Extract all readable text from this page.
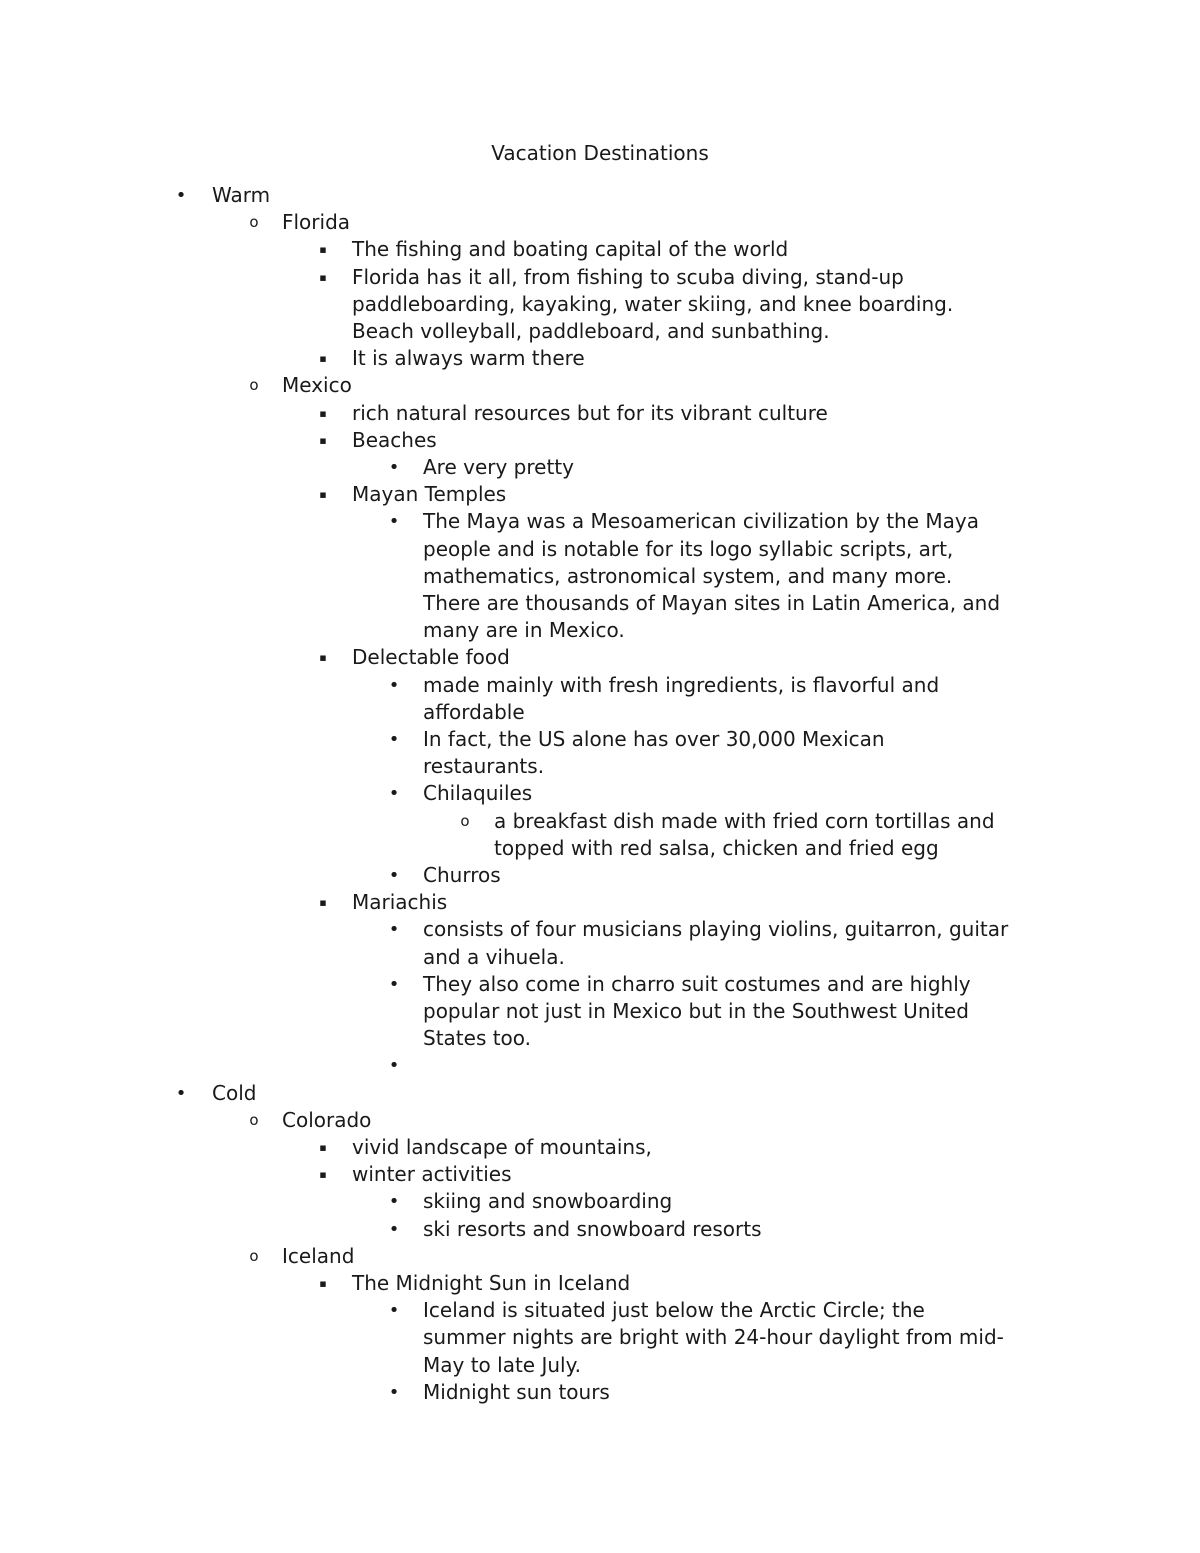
Vacation Destinations
• Warm
o Florida
▪	The fishing and boating capital of the world
▪	Florida has it all, from fishing to scuba diving, stand-up
paddleboarding, kayaking, water skiing, and knee boarding.
Beach volleyball, paddleboard, and sunbathing.
▪	It is always warm there
o Mexico
▪	rich natural resources but for its vibrant culture
▪	Beaches
• Are very pretty
▪	Mayan Temples
• The Maya was a Mesoamerican civilization by the Maya
people and is notable for its logo syllabic scripts, art,
mathematics, astronomical system, and many more.
There are thousands of Mayan sites in Latin America, and
many are in Mexico.
▪	Delectable food
• made mainly with fresh ingredients, is flavorful and
affordable
• In fact, the US alone has over 30,000 Mexican
restaurants.
• Chilaquiles
o a breakfast dish made with fried corn tortillas and
topped with red salsa, chicken and fried egg
• Churros
▪	Mariachis
• consists of four musicians playing violins, guitarron, guitar
and a vihuela.
• They also come in charro suit costumes and are highly
popular not just in Mexico but in the Southwest United
States too.
•
• Cold
o Colorado
▪	vivid landscape of mountains,
▪	winter activities
• skiing and snowboarding
• ski resorts and snowboard resorts
o Iceland
▪	The Midnight Sun in Iceland
• Iceland is situated just below the Arctic Circle; the
summer nights are bright with 24-hour daylight from mid-
May to late July.
• Midnight sun tours
